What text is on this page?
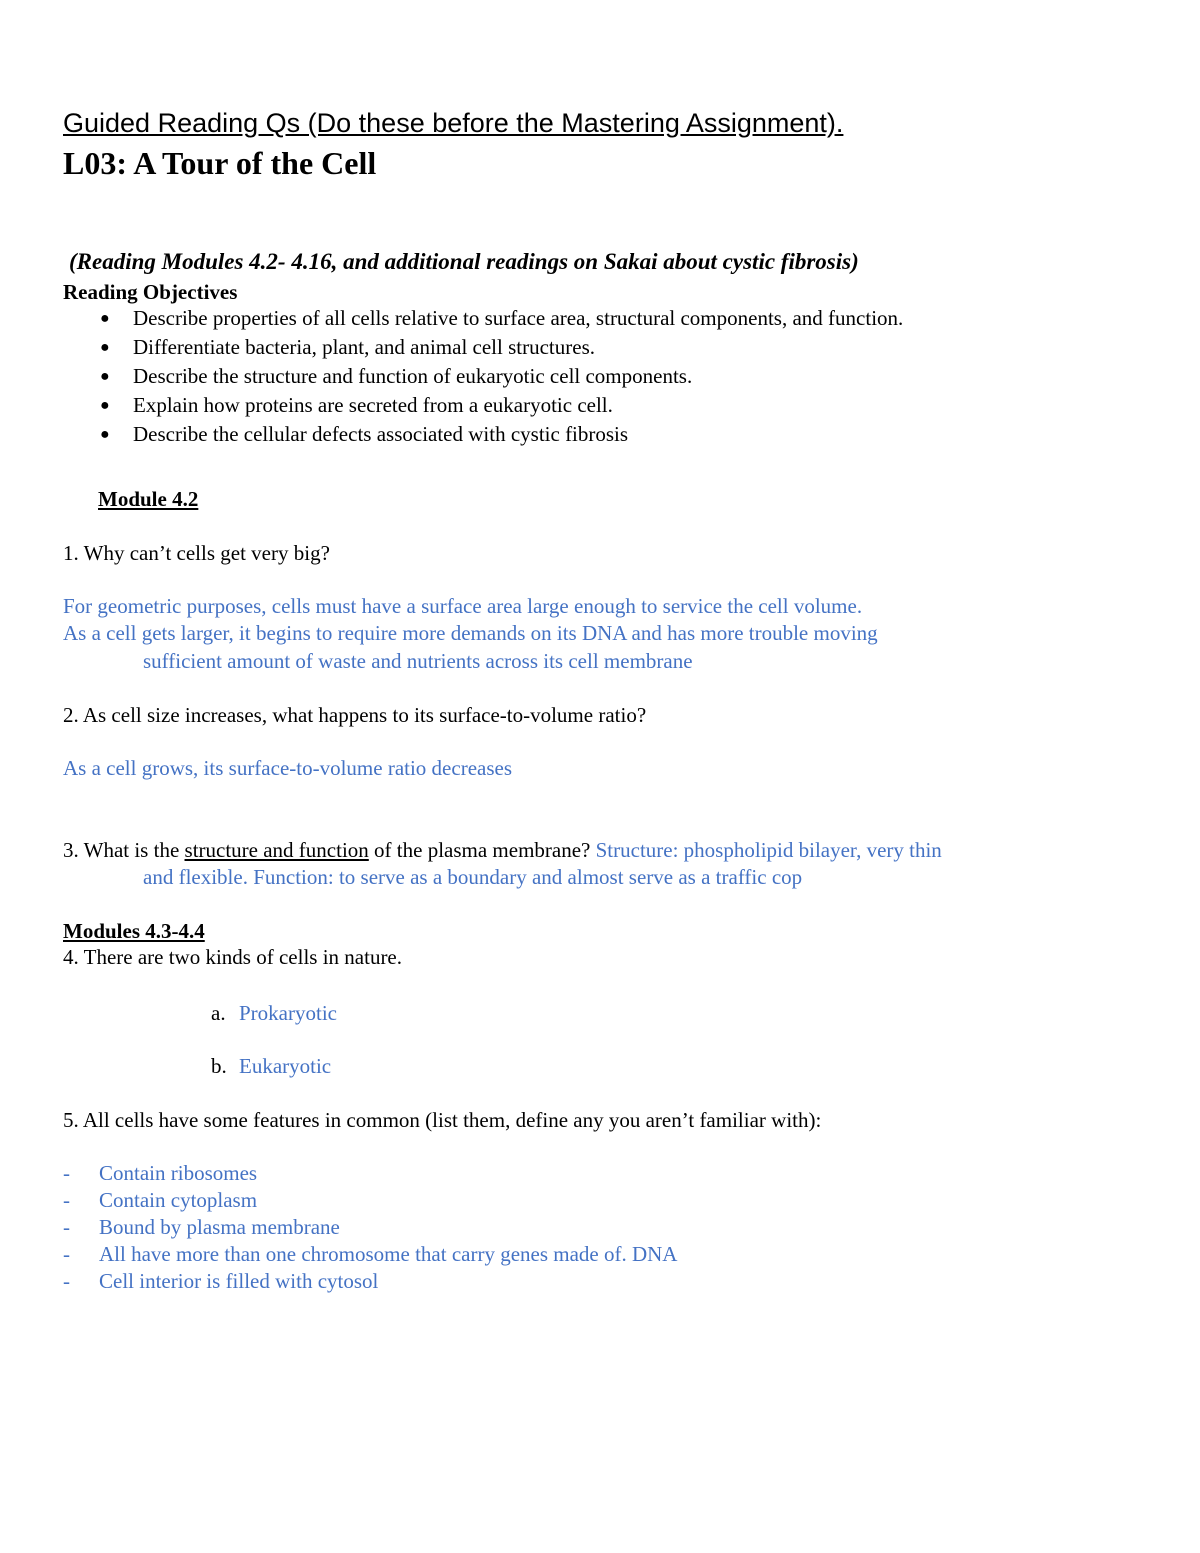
Guided Reading Qs (Do these before the Mastering Assignment).
L03: A Tour of the Cell
(Reading Modules 4.2- 4.16, and additional readings on Sakai about cystic fibrosis)
Reading Objectives
● Describe properties of all cells relative to surface area, structural components, and function.
● Differentiate bacteria, plant, and animal cell structures.
● Describe the structure and function of eukaryotic cell components.
● Explain how proteins are secreted from a eukaryotic cell.
● Describe the cellular defects associated with cystic fibrosis
Module 4.2
1. Why can’t cells get very big?
For geometric purposes, cells must have a surface area large enough to service the cell volume.
As a cell gets larger, it begins to require more demands on its DNA and has more trouble moving
sufficient amount of waste and nutrients across its cell membrane
2. As cell size increases, what happens to its surface-to-volume ratio?
As a cell grows, its surface-to-volume ratio decreases
3. What is the structure and function of the plasma membrane? Structure: phospholipid bilayer, very thin
and flexible. Function: to serve as a boundary and almost serve as a traffic cop
Modules 4.3-4.4
4. There are two kinds of cells in nature.
a. Prokaryotic
b. Eukaryotic
5. All cells have some features in common (list them, define any you aren’t familiar with):
- Contain ribosomes
- Contain cytoplasm
- Bound by plasma membrane
- All have more than one chromosome that carry genes made of. DNA
- Cell interior is filled with cytosol
